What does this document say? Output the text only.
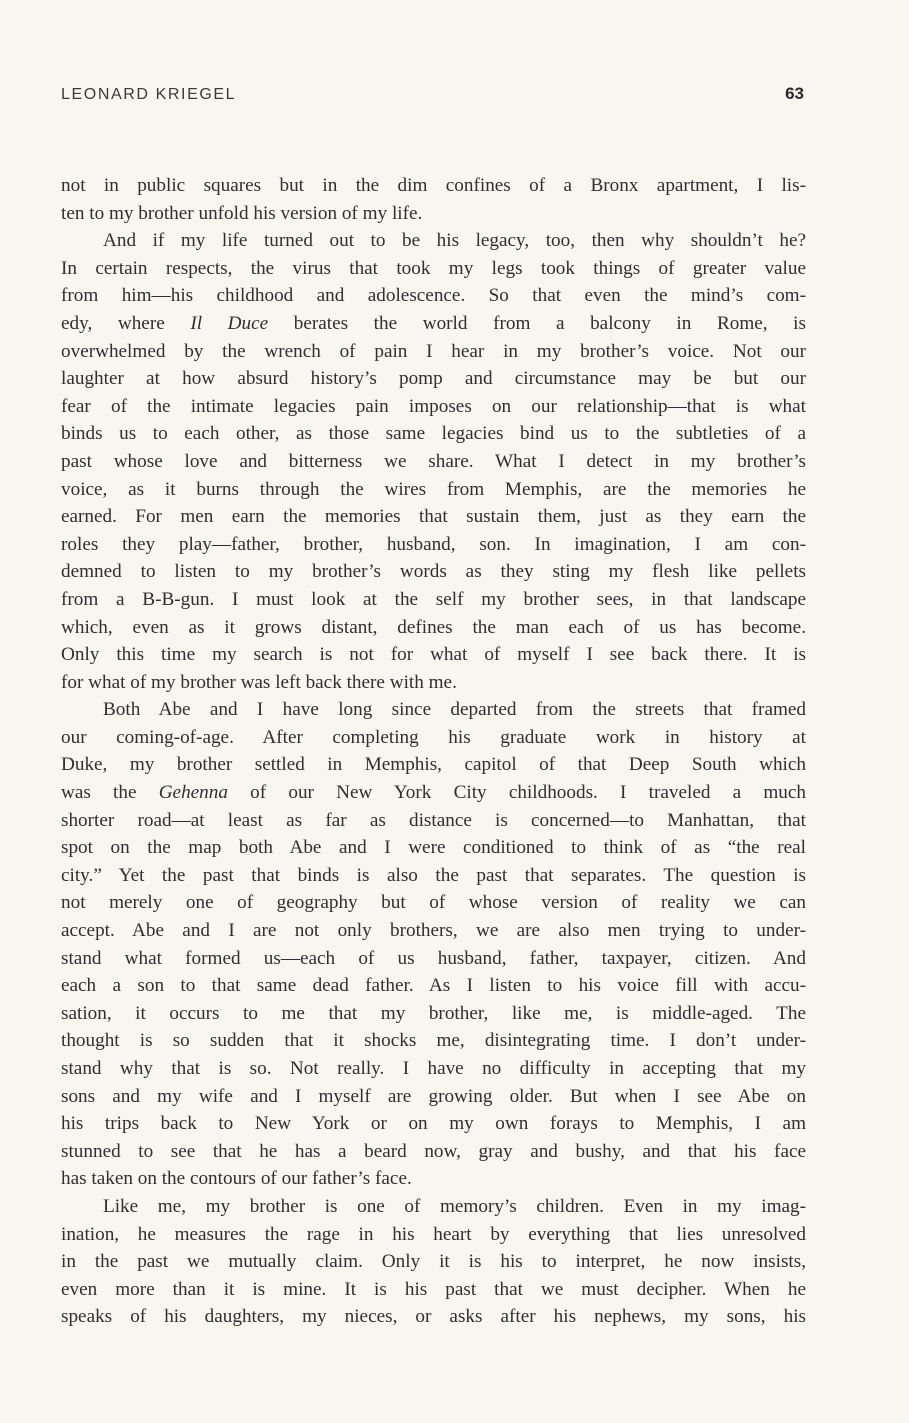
LEONARD KRIEGEL	63
not in public squares but in the dim confines of a Bronx apartment, I lis-
ten to my brother unfold his version of my life.
And if my life turned out to be his legacy, too, then why shouldn’t he?
In certain respects, the virus that took my legs took things of greater value
from him—his childhood and adolescence. So that even the mind’s com-
edy, where Il Duce berates the world from a balcony in Rome, is
overwhelmed by the wrench of pain I hear in my brother’s voice. Not our
laughter at how absurd history’s pomp and circumstance may be but our
fear of the intimate legacies pain imposes on our relationship—that is what
binds us to each other, as those same legacies bind us to the subtleties of a
past whose love and bitterness we share. What I detect in my brother’s
voice, as it burns through the wires from Memphis, are the memories he
earned. For men earn the memories that sustain them, just as they earn the
roles they play—father, brother, husband, son. In imagination, I am con-
demned to listen to my brother’s words as they sting my flesh like pellets
from a B-B-gun. I must look at the self my brother sees, in that landscape
which, even as it grows distant, defines the man each of us has become.
Only this time my search is not for what of myself I see back there. It is
for what of my brother was left back there with me.
Both Abe and I have long since departed from the streets that framed
our coming-of-age. After completing his graduate work in history at
Duke, my brother settled in Memphis, capitol of that Deep South which
was the Gehenna of our New York City childhoods. I traveled a much
shorter road—at least as far as distance is concerned—to Manhattan, that
spot on the map both Abe and I were conditioned to think of as “the real
city.” Yet the past that binds is also the past that separates. The question is
not merely one of geography but of whose version of reality we can
accept. Abe and I are not only brothers, we are also men trying to under-
stand what formed us—each of us husband, father, taxpayer, citizen. And
each a son to that same dead father. As I listen to his voice fill with accu-
sation, it occurs to me that my brother, like me, is middle-aged. The
thought is so sudden that it shocks me, disintegrating time. I don’t under-
stand why that is so. Not really. I have no difficulty in accepting that my
sons and my wife and I myself are growing older. But when I see Abe on
his trips back to New York or on my own forays to Memphis, I am
stunned to see that he has a beard now, gray and bushy, and that his face
has taken on the contours of our father’s face.
Like me, my brother is one of memory’s children. Even in my imag-
ination, he measures the rage in his heart by everything that lies unresolved
in the past we mutually claim. Only it is his to interpret, he now insists,
even more than it is mine. It is his past that we must decipher. When he
speaks of his daughters, my nieces, or asks after his nephews, my sons, his
